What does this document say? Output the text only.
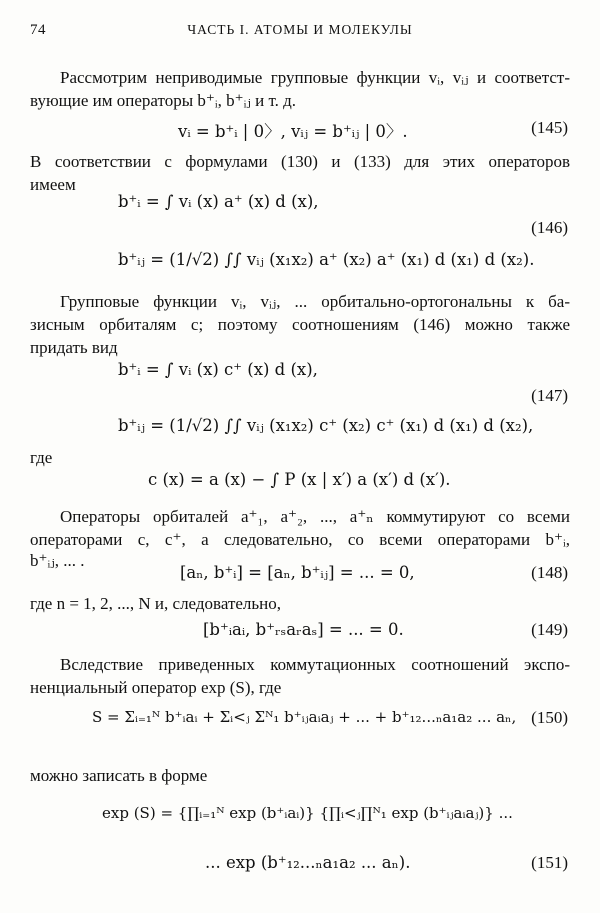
74	ЧАСТЬ I. АТОМЫ И МОЛЕКУЛЫ
Рассмотрим неприводимые групповые функции vᵢ, vᵢⱼ и соответст-
вующие им операторы b⁺ᵢ, b⁺ᵢⱼ и т. д.
vᵢ = b⁺ᵢ | 0〉, vᵢⱼ = b⁺ᵢⱼ | 0〉.	(145)
В соответствии с формулами (130) и (133) для этих операторов
имеем
b⁺ᵢ = ∫ vᵢ (x) a⁺ (x) d (x),
(146)
b⁺ᵢⱼ = (1/√2) ∫∫ vᵢⱼ (x₁x₂) a⁺ (x₂) a⁺ (x₁) d (x₁) d (x₂).
Групповые функции vᵢ, vᵢⱼ, ... орбитально-ортогональны к ба-
зисным орбиталям c; поэтому соотношениям (146) можно также
придать вид
b⁺ᵢ = ∫ vᵢ (x) c⁺ (x) d (x),
(147)
b⁺ᵢⱼ = (1/√2) ∫∫ vᵢⱼ (x₁x₂) c⁺ (x₂) c⁺ (x₁) d (x₁) d (x₂),
где
c (x) = a (x) − ∫ P (x | x′) a (x′) d (x′).
Операторы орбиталей a⁺₁, a⁺₂, ..., a⁺ₙ коммутируют со всеми
операторами c, c⁺, а следовательно, со всеми операторами b⁺ᵢ,
b⁺ᵢⱼ, ... .
[aₙ, b⁺ᵢ] = [aₙ, b⁺ᵢⱼ] = ... = 0,	(148)
где n = 1, 2, ..., N и, следовательно,
[b⁺ᵢaᵢ, b⁺ᵣₛaᵣaₛ] = ... = 0.	(149)
Вследствие приведенных коммутационных соотношений экспо-
ненциальный оператор exp (S), где
S = Σᵢ₌₁ᴺ b⁺ᵢaᵢ + Σᵢ<ⱼ Σᴺ₁ b⁺ᵢⱼaᵢaⱼ + ... + b⁺₁₂...ₙa₁a₂ ... aₙ, (150)
можно записать в форме
exp (S) = {∏ᵢ₌₁ᴺ exp (b⁺ᵢaᵢ)} {∏ᵢ<ⱼ∏ᴺ₁ exp (b⁺ᵢⱼaᵢaⱼ)} ...
... exp (b⁺₁₂...ₙa₁a₂ ... aₙ).	(151)
